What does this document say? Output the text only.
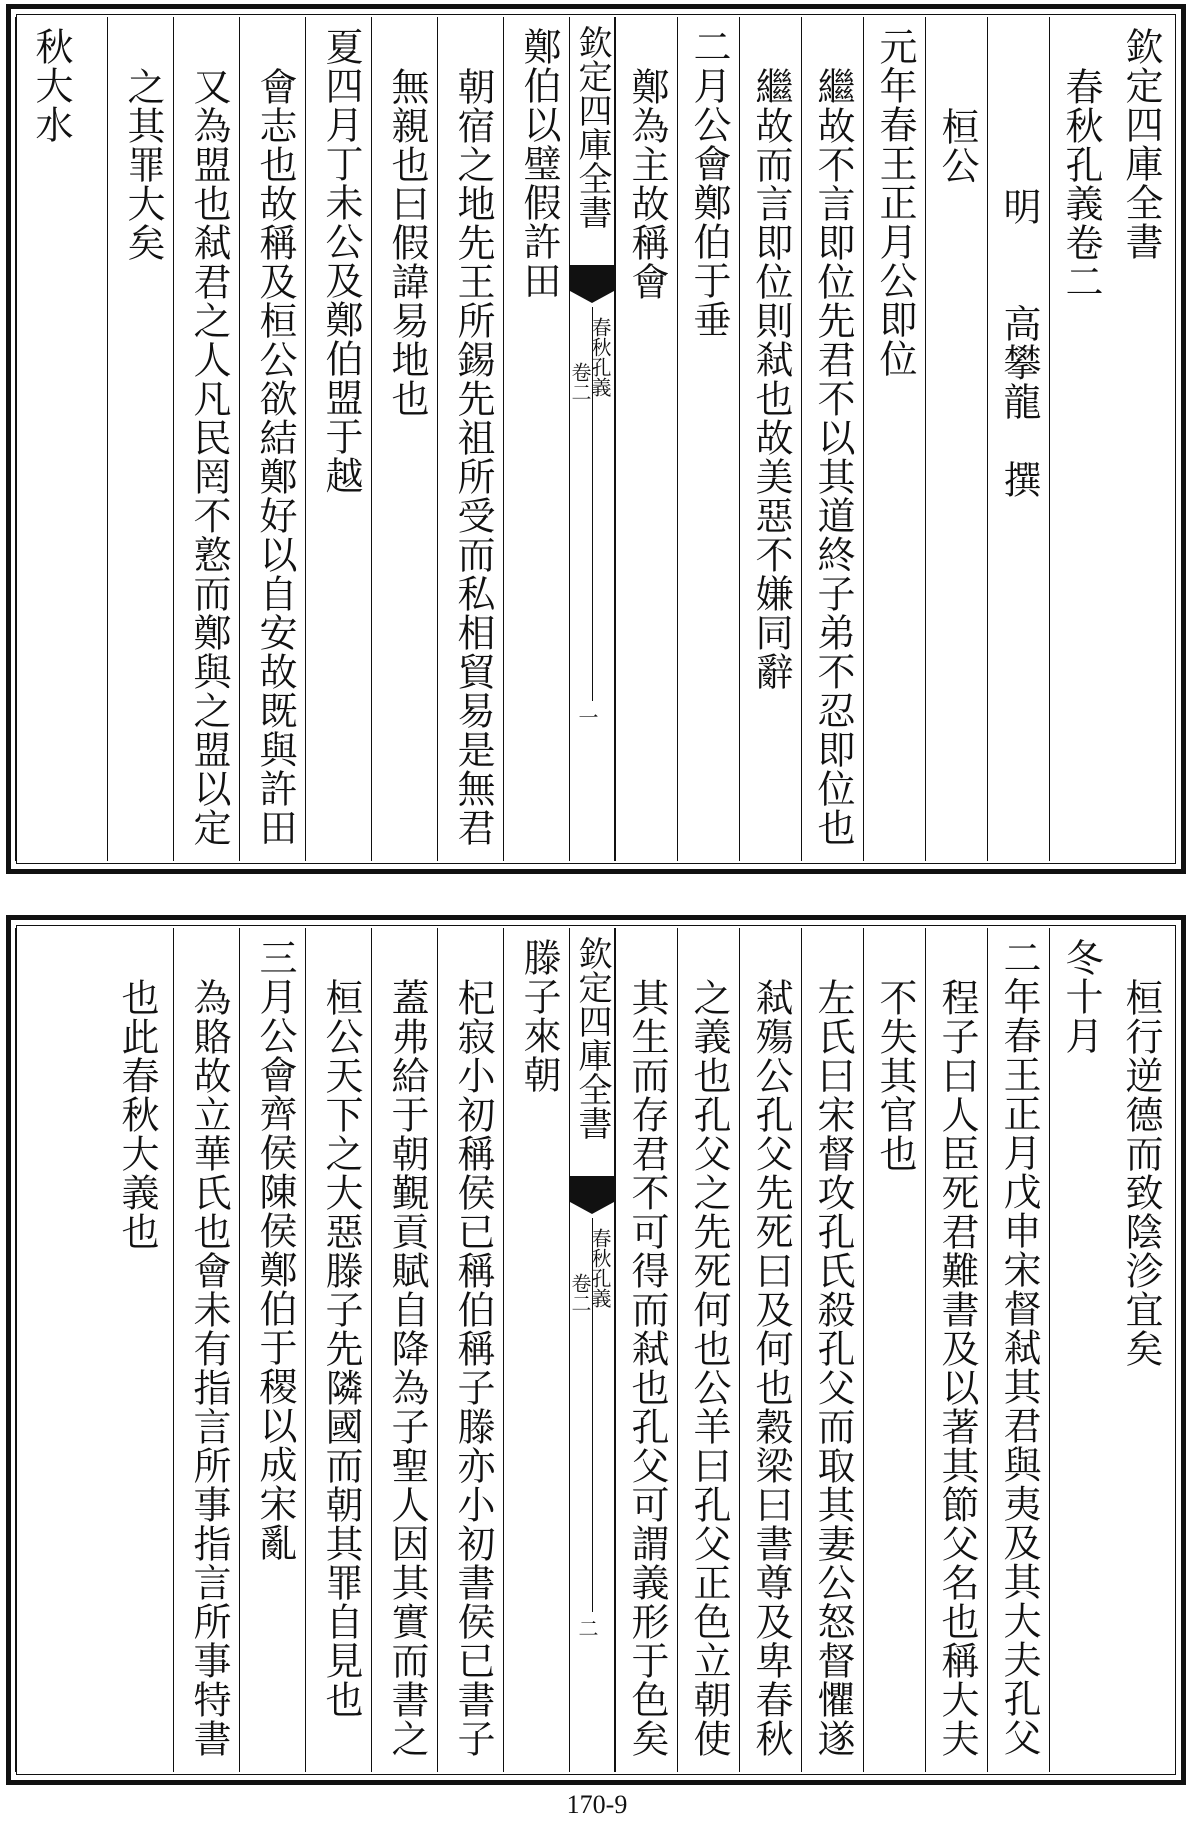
欽定四庫全書
春秋孔義卷二
明　　高攀龍　撰
桓公
元年春王正月公即位
繼故不言即位先君不以其道終子弟不忍即位也
繼故而言即位則弒也故美惡不嫌同辭
二月公會鄭伯于垂
鄭為主故稱會
欽定四庫全書
春秋孔義
卷二
一
鄭伯以璧假許田
朝宿之地先王所錫先祖所受而私相貿易是無君
無親也曰假諱易地也
夏四月丁未公及鄭伯盟于越
會志也故稱及桓公欲結鄭好以自安故既與許田
又為盟也弒君之人凡民罔不憝而鄭與之盟以定
之其罪大矣
秋大水
桓行逆德而致陰沴宜矣
冬十月
二年春王正月戊申宋督弒其君與夷及其大夫孔父
程子曰人臣死君難書及以著其節父名也稱大夫
不失其官也
左氏曰宋督攻孔氏殺孔父而取其妻公怒督懼遂
弒殤公孔父先死曰及何也穀梁曰書尊及卑春秋
之義也孔父之先死何也公羊曰孔父正色立朝使
其生而存君不可得而弒也孔父可謂義形于色矣
欽定四庫全書
春秋孔義
卷二
二
滕子來朝
杞寂小初稱侯已稱伯稱子滕亦小初書侯已書子
蓋弗給于朝覲貢賦自降為子聖人因其實而書之
桓公天下之大惡滕子先隣國而朝其罪自見也
三月公會齊侯陳侯鄭伯于稷以成宋亂
為賂故立華氏也會未有指言所事指言所事特書
也此春秋大義也
170-9
